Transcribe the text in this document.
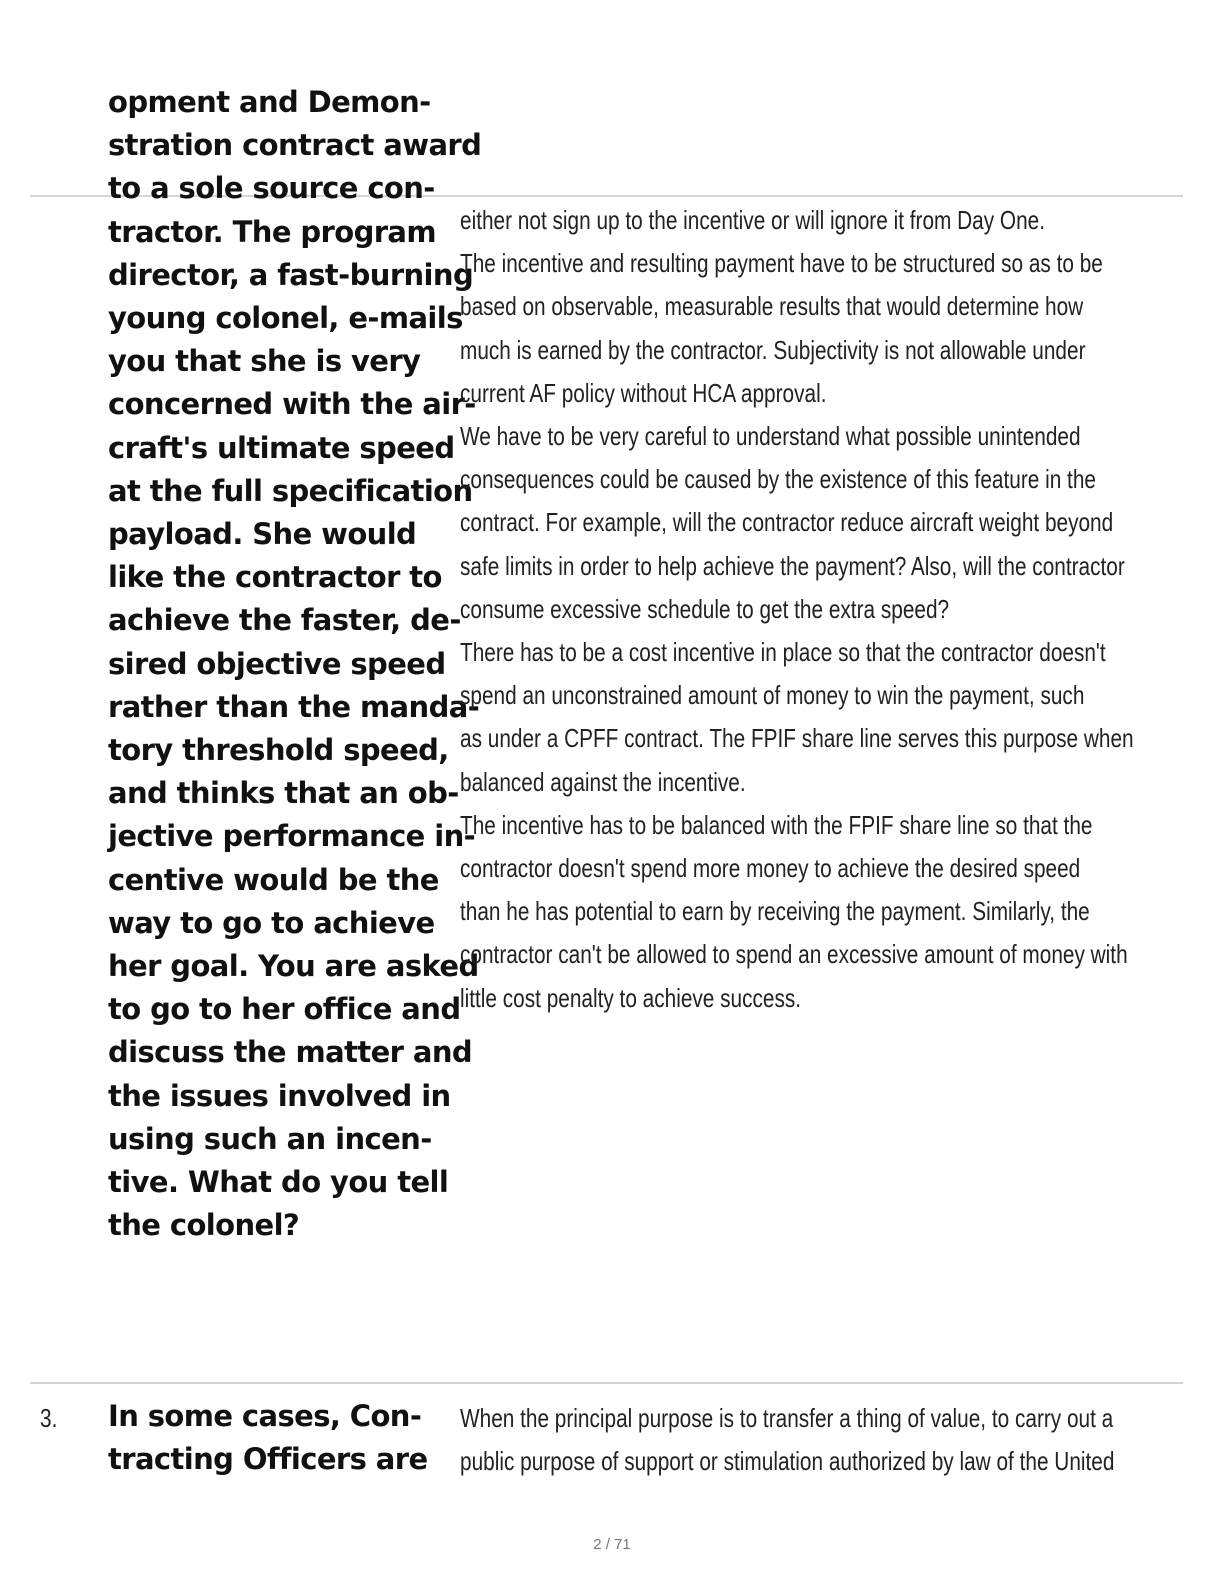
opment and Demon-
stration contract award
to a sole source con-
tractor. The program
director, a fast-burning
young colonel, e-mails
you that she is very
concerned with the air-
craft's ultimate speed
at the full specification
payload. She would
like the contractor to
achieve the faster, de-
sired objective speed
rather than the manda-
tory threshold speed,
and thinks that an ob-
jective performance in-
centive would be the
way to go to achieve
her goal. You are asked
to go to her office and
discuss the matter and
the issues involved in
using such an incen-
tive. What do you tell
the colonel?
either not sign up to the incentive or will ignore it from Day One.
The incentive and resulting payment have to be structured so as to be
based on observable, measurable results that would determine how
much is earned by the contractor. Subjectivity is not allowable under
current AF policy without HCA approval.
We have to be very careful to understand what possible unintended
consequences could be caused by the existence of this feature in the
contract. For example, will the contractor reduce aircraft weight beyond
safe limits in order to help achieve the payment? Also, will the contractor
consume excessive schedule to get the extra speed?
There has to be a cost incentive in place so that the contractor doesn't
spend an unconstrained amount of money to win the payment, such
as under a CPFF contract. The FPIF share line serves this purpose when
balanced against the incentive.
The incentive has to be balanced with the FPIF share line so that the
contractor doesn't spend more money to achieve the desired speed
than he has potential to earn by receiving the payment. Similarly, the
contractor can't be allowed to spend an excessive amount of money with
little cost penalty to achieve success.
3. In some cases, Con-
tracting Officers are
When the principal purpose is to transfer a thing of value, to carry out a
public purpose of support or stimulation authorized by law of the United
2 / 71
